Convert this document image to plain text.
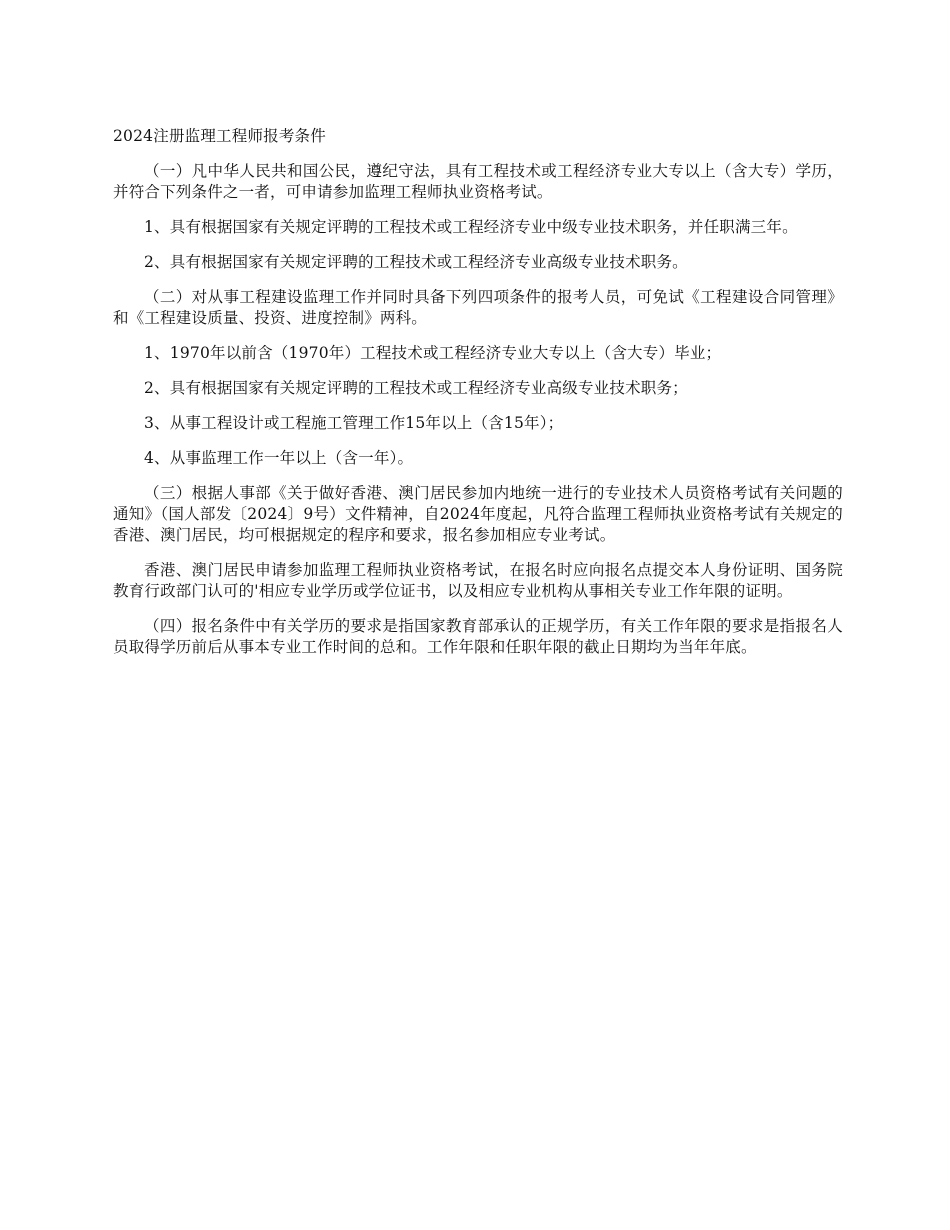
2024注册监理工程师报考条件

（一）凡中华人民共和国公民，遵纪守法，具有工程技术或工程经济专业大专以上（含大专）学历，并符合下列条件之一者，可申请参加监理工程师执业资格考试。

1、具有根据国家有关规定评聘的工程技术或工程经济专业中级专业技术职务，并任职满三年。

2、具有根据国家有关规定评聘的工程技术或工程经济专业高级专业技术职务。

（二）对从事工程建设监理工作并同时具备下列四项条件的报考人员，可免试《工程建设合同管理》和《工程建设质量、投资、进度控制》两科。

1、1970年以前含（1970年）工程技术或工程经济专业大专以上（含大专）毕业；

2、具有根据国家有关规定评聘的工程技术或工程经济专业高级专业技术职务；

3、从事工程设计或工程施工管理工作15年以上（含15年）；

4、从事监理工作一年以上（含一年）。

（三）根据人事部《关于做好香港、澳门居民参加内地统一进行的专业技术人员资格考试有关问题的通知》（国人部发〔2024〕9号）文件精神，自2024年度起，凡符合监理工程师执业资格考试有关规定的香港、澳门居民，均可根据规定的程序和要求，报名参加相应专业考试。

香港、澳门居民申请参加监理工程师执业资格考试，在报名时应向报名点提交本人身份证明、国务院教育行政部门认可的'相应专业学历或学位证书，以及相应专业机构从事相关专业工作年限的证明。

（四）报名条件中有关学历的要求是指国家教育部承认的正规学历，有关工作年限的要求是指报名人员取得学历前后从事本专业工作时间的总和。工作年限和任职年限的截止日期均为当年年底。
